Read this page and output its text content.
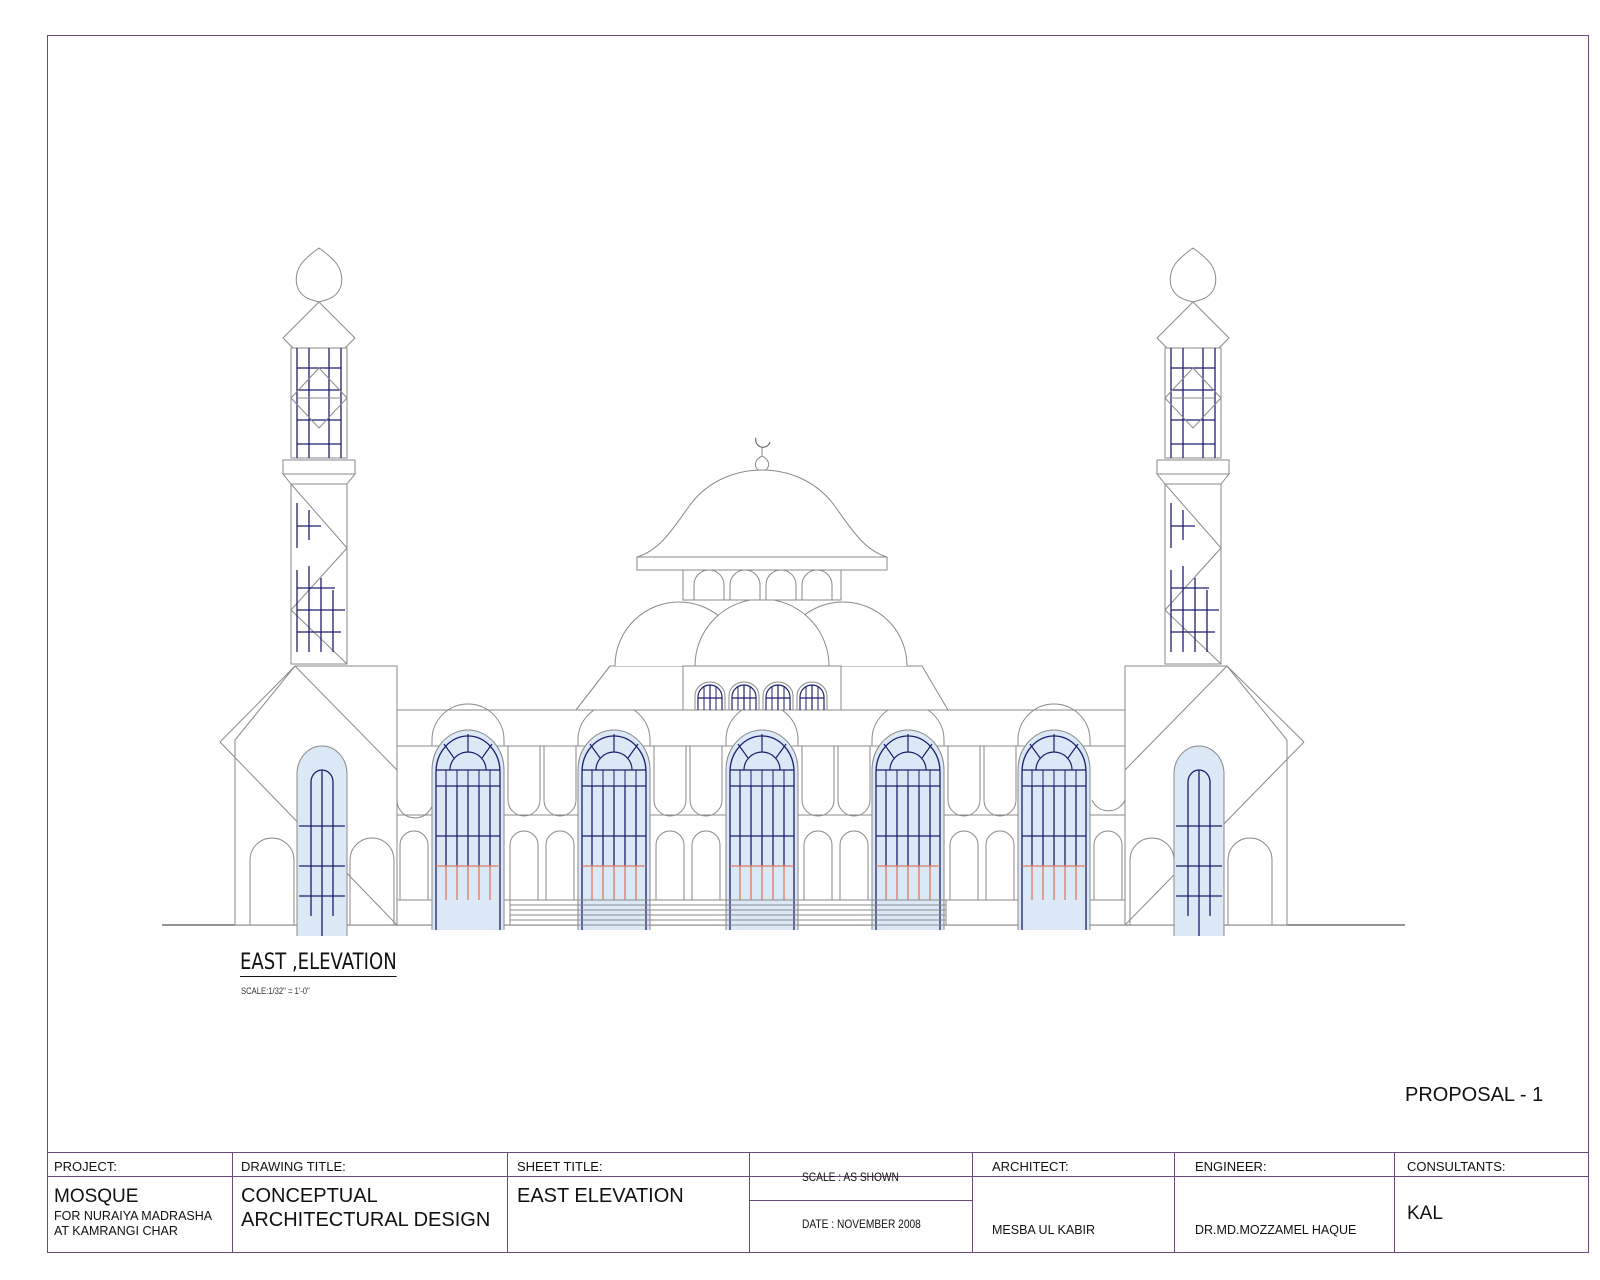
EAST ,ELEVATION
SCALE:1/32" = 1'-0"
PROPOSAL - 1
PROJECT:
MOSQUE
FOR NURAIYA MADRASHA
AT KAMRANGI CHAR
DRAWING TITLE:
CONCEPTUAL
ARCHITECTURAL DESIGN
SHEET TITLE:
EAST ELEVATION
SCALE : AS SHOWN
DATE : NOVEMBER 2008
ARCHITECT:
MESBA UL KABIR
ENGINEER:
DR.MD.MOZZAMEL HAQUE
CONSULTANTS:
KAL
